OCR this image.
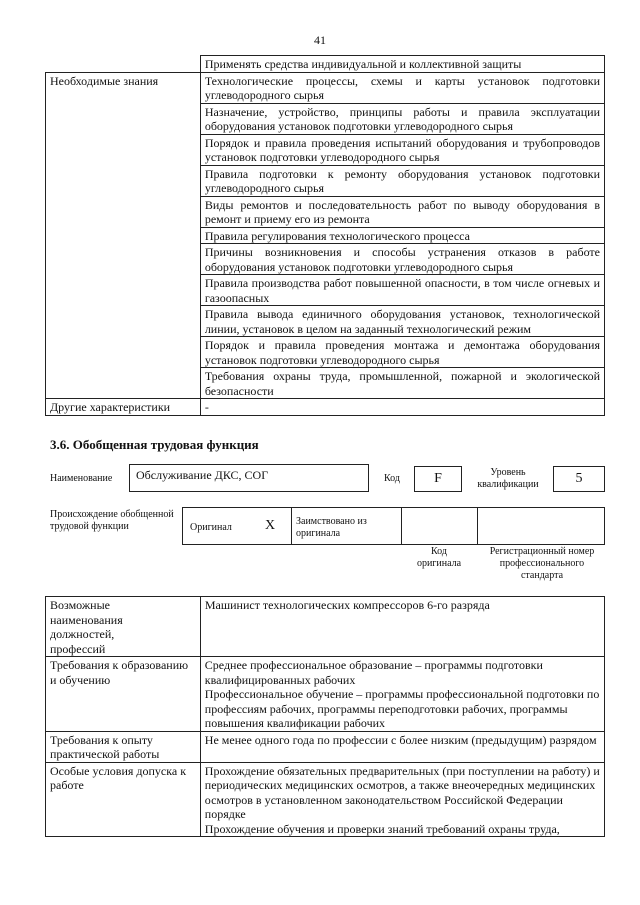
41
	Применять средства индивидуальной и коллективной защиты
Необходимые знания	Технологические процессы, схемы и карты установок подготовки углеводородного сырья
	Назначение, устройство, принципы работы и правила эксплуатации оборудования установок подготовки углеводородного сырья
	Порядок и правила проведения испытаний оборудования и трубопроводов установок подготовки углеводородного сырья
	Правила подготовки к ремонту оборудования установок подготовки углеводородного сырья
	Виды ремонтов и последовательность работ по выводу оборудования в ремонт и приему его из ремонта
	Правила регулирования технологического процесса
	Причины возникновения и способы устранения отказов в работе оборудования установок подготовки углеводородного сырья
	Правила производства работ повышенной опасности, в том числе огневых и газоопасных
	Правила вывода единичного оборудования установок, технологической линии, установок в целом на заданный технологический режим
	Порядок и правила проведения монтажа и демонтажа оборудования установок подготовки углеводородного сырья
	Требования охраны труда, промышленной, пожарной и экологической безопасности
Другие характеристики	-
3.6. Обобщенная трудовая функция
Наименование	Обслуживание ДКС, СОГ	Код	F	Уровень квалификации	5
Происхождение обобщенной трудовой функции	Оригинал X Заимствовано из оригинала
Код оригинала
Регистрационный номер профессионального стандарта
Возможные наименования должностей, профессий	Машинист технологических компрессоров 6-го разряда
Требования к образованию и обучению	Среднее профессиональное образование – программы подготовки квалифицированных рабочих
Профессиональное обучение – программы профессиональной подготовки по профессиям рабочих, программы переподготовки рабочих, программы повышения квалификации рабочих

Требования к опыту практической работы	Не менее одного года по профессии с более низким (предыдущим) разрядом
Особые условия допуска к работе	Прохождение обязательных предварительных (при поступлении на работу) и периодических медицинских осмотров, а также внеочередных медицинских осмотров в установленном законодательством Российской Федерации порядке
Прохождение обучения и проверки знаний требований охраны труда,
